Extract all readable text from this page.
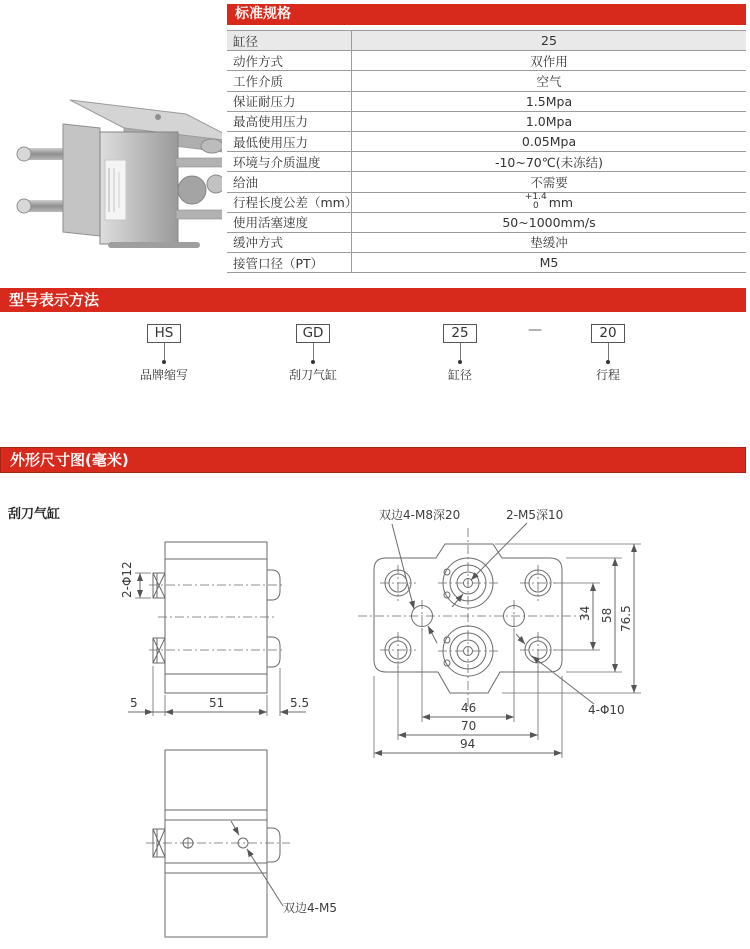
标准规格
缸径	25
动作方式	双作用
工作介质	空气
保证耐压力	1.5Mpa
最高使用压力	1.0Mpa
最低使用压力	0.05Mpa
环境与介质温度	-10~70℃(未冻结)
给油	不需要
行程长度公差（mm）	+1.4
0 mm
使用活塞速度	50~1000mm/s
缓冲方式	垫缓冲
接管口径（PT）	M5
型号表示方法
HS
品牌缩写
GD
刮刀气缸
25
缸径
—	20
行程
外形尺寸图(毫米)
刮刀气缸
2-Φ12
5	51	5.5
双边4-M8深20	2-M5深10
4-Φ10
34 58 76.5
46
70
94
双边4-M5
